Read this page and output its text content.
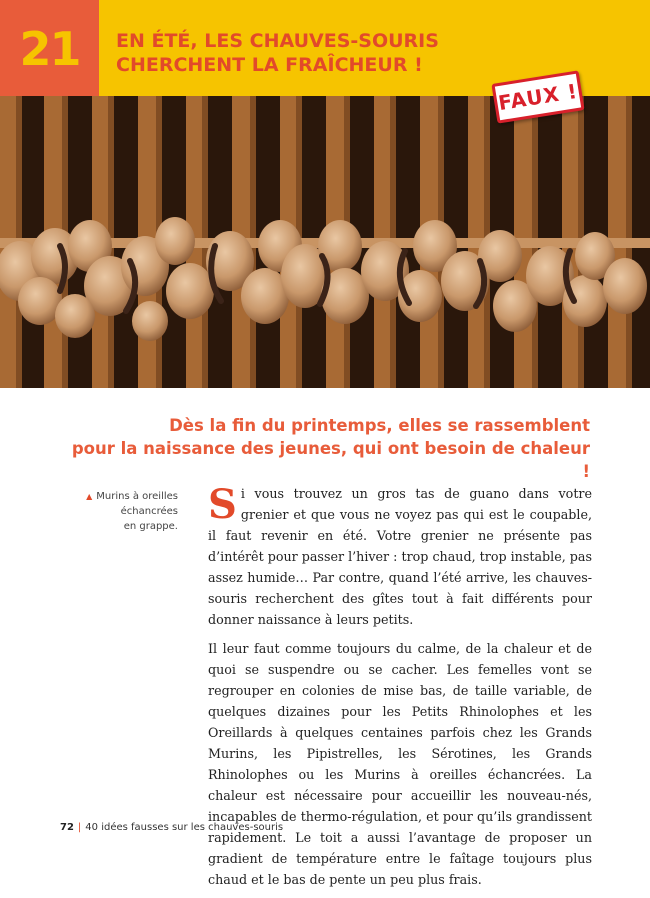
21	EN ÉTÉ, LES CHAUVES-SOURIS CHERCHENT LA FRAÎCHEUR !
FAUX !
Dès la fin du printemps, elles se rassemblent
pour la naissance des jeunes, qui ont besoin de chaleur !
▲ Murins à oreilles
échancrées
en grappe. Si vous trouvez un gros tas de guano dans votre grenier et que vous ne voyez pas qui est le coupable, il faut revenir en été. Votre grenier ne présente pas d’intérêt pour passer l’hiver : trop chaud, trop instable, pas assez humide… Par contre, quand l’été arrive, les chauves-souris recherchent des gîtes tout à fait différents pour donner naissance à leurs petits.

Il leur faut comme toujours du calme, de la chaleur et de quoi se suspendre ou se cacher. Les femelles vont se regrouper en colonies de mise bas, de taille variable, de quelques dizaines pour les Petits Rhinolophes et les Oreillards à quelques centaines parfois chez les Grands Murins, les Pipistrelles, les Sérotines, les Grands Rhinolophes ou les Murins à oreilles échancrées. La chaleur est nécessaire pour accueillir les nouveau-nés, incapables de thermo-régulation, et pour qu’ils grandissent rapidement. Le toit a aussi l’avantage de proposer un gradient de température entre le faîtage toujours plus chaud et le bas de pente un peu plus frais.

72 | 40 idées fausses sur les chauves-souris
